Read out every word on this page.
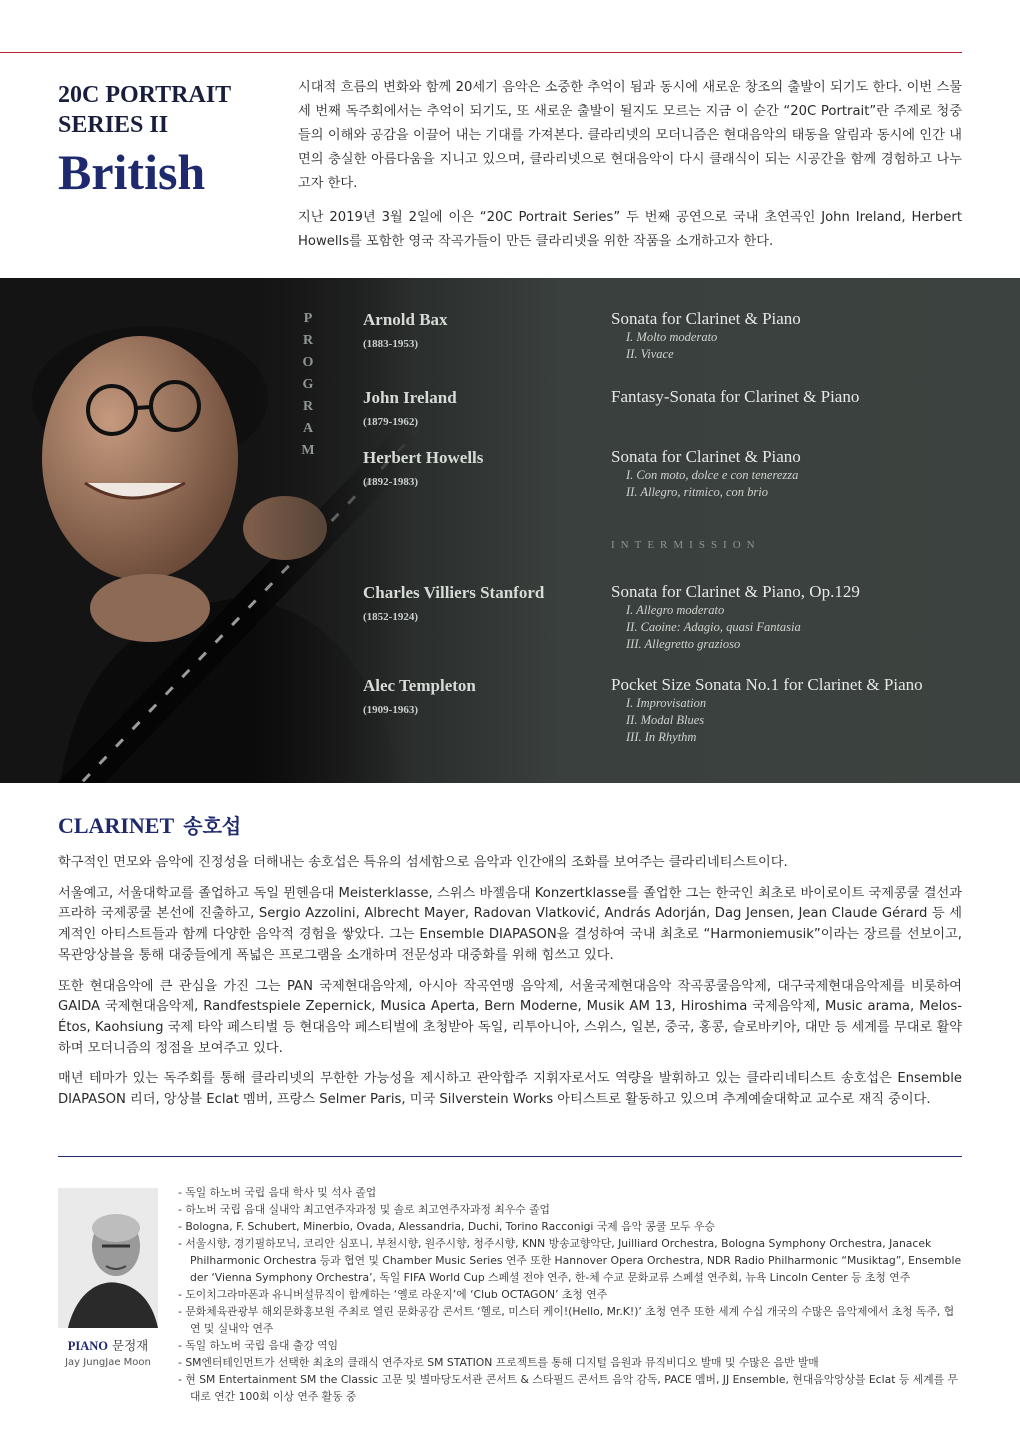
20C PORTRAIT
SERIES II
British

시대적 흐름의 변화와 함께 20세기 음악은 소중한 추억이 됨과 동시에 새로운 창조의 출발이 되기도 한다. 이번 스물세 번째 독주회에서는 추억이 되기도, 또 새로운 출발이 될지도 모르는 지금 이 순간 “20C Portrait”란 주제로 청중들의 이해와 공감을 이끌어 내는 기대를 가져본다. 클라리넷의 모더니즘은 현대음악의 태동을 알림과 동시에 인간 내면의 충실한 아름다움을 지니고 있으며, 클라리넷으로 현대음악이 다시 클래식이 되는 시공간을 함께 경험하고 나누고자 한다.

지난 2019년 3월 2일에 이은 “20C Portrait Series” 두 번째 공연으로 국내 초연곡인 John Ireland, Herbert Howells를 포함한 영국 작곡가들이 만든 클라리넷을 위한 작품을 소개하고자 한다.

P
R
O
G
R
A
M
Arnold Bax
(1883-1953)
Sonata for Clarinet & Piano
I. Molto moderato
II. Vivace
John Ireland
(1879-1962)
Fantasy-Sonata for Clarinet & Piano
Herbert Howells
(1892-1983)
Sonata for Clarinet & Piano
I. Con moto, dolce e con tenerezza
II. Allegro, ritmico, con brio
INTERMISSION
Charles Villiers Stanford
(1852-1924)
Sonata for Clarinet & Piano, Op.129
I. Allegro moderato
II. Caoine: Adagio, quasi Fantasia
III. Allegretto grazioso
Alec Templeton
(1909-1963)
Pocket Size Sonata No.1 for Clarinet & Piano
I. Improvisation
II. Modal Blues
III. In Rhythm
CLARINET 송호섭

학구적인 면모와 음악에 진정성을 더해내는 송호섭은 특유의 섬세함으로 음악과 인간애의 조화를 보여주는 클라리네티스트이다.

서울예고, 서울대학교를 졸업하고 독일 뮌헨음대 Meisterklasse, 스위스 바젤음대 Konzertklasse를 졸업한 그는 한국인 최초로 바이로이트 국제콩쿨 결선과 프라하 국제콩쿨 본선에 진출하고, Sergio Azzolini, Albrecht Mayer, Radovan Vlatković, András Adorján, Dag Jensen, Jean Claude Gérard 등 세계적인 아티스트들과 함께 다양한 음악적 경험을 쌓았다. 그는 Ensemble DIAPASON을 결성하여 국내 최초로 “Harmoniemusik”이라는 장르를 선보이고, 목관앙상블을 통해 대중들에게 폭넓은 프로그램을 소개하며 전문성과 대중화를 위해 힘쓰고 있다.

또한 현대음악에 큰 관심을 가진 그는 PAN 국제현대음악제, 아시아 작곡연맹 음악제, 서울국제현대음악 작곡콩쿨음악제, 대구국제현대음악제를 비롯하여 GAIDA 국제현대음악제, Randfestspiele Zepernick, Musica Aperta, Bern Moderne, Musik AM 13, Hiroshima 국제음악제, Music arama, Melos-Étos, Kaohsiung 국제 타악 페스티벌 등 현대음악 페스티벌에 초청받아 독일, 리투아니아, 스위스, 일본, 중국, 홍콩, 슬로바키아, 대만 등 세계를 무대로 활약하며 모더니즘의 정점을 보여주고 있다.

매년 테마가 있는 독주회를 통해 클라리넷의 무한한 가능성을 제시하고 관악합주 지휘자로서도 역량을 발휘하고 있는 클라리네티스트 송호섭은 Ensemble DIAPASON 리더, 앙상블 Eclat 멤버, 프랑스 Selmer Paris, 미국 Silverstein Works 아티스트로 활동하고 있으며 추계예술대학교 교수로 재직 중이다.

PIANO 문정재
Jay JungJae Moon
- 독일 하노버 국립 음대 학사 및 석사 졸업
- 하노버 국립 음대 실내악 최고연주자과정 및 솔로 최고연주자과정 최우수 졸업
- Bologna, F. Schubert, Minerbio, Ovada, Alessandria, Duchi, Torino Racconigi 국제 음악 콩쿨 모두 우승
- 서울시향, 경기필하모닉, 코리안 심포니, 부천시향, 원주시향, 청주시향, KNN 방송교향악단, Juilliard Orchestra, Bologna Symphony Orchestra, Janacek Philharmonic Orchestra 등과 협연 및 Chamber Music Series 연주 또한 Hannover Opera Orchestra, NDR Radio Philharmonic “Musiktag”, Ensemble der ‘Vienna Symphony Orchestra’, 독일 FIFA World Cup 스페셜 전야 연주, 한-체 수교 문화교류 스페셜 연주회, 뉴욕 Lincoln Center 등 초청 연주
- 도이치그라마폰과 유니버설뮤직이 함께하는 ‘옐로 라운지’에 ‘Club OCTAGON’ 초청 연주
- 문화체육관광부 해외문화홍보원 주최로 열린 문화공감 콘서트 ‘헬로, 미스터 케이!(Hello, Mr.K!)’ 초청 연주 또한 세계 수십 개국의 수많은 음악제에서 초청 독주, 협연 및 실내악 연주
- 독일 하노버 국립 음대 출강 역임
- SM엔터테인먼트가 선택한 최초의 클래식 연주자로 SM STATION 프로젝트를 통해 디지털 음원과 뮤직비디오 발매 및 수많은 음반 발매
- 현 SM Entertainment SM the Classic 고문 및 별마당도서관 콘서트 & 스타필드 콘서트 음악 감독, PACE 멤버, JJ Ensemble, 현대음악앙상블 Eclat 등 세계를 무대로 연간 100회 이상 연주 활동 중
